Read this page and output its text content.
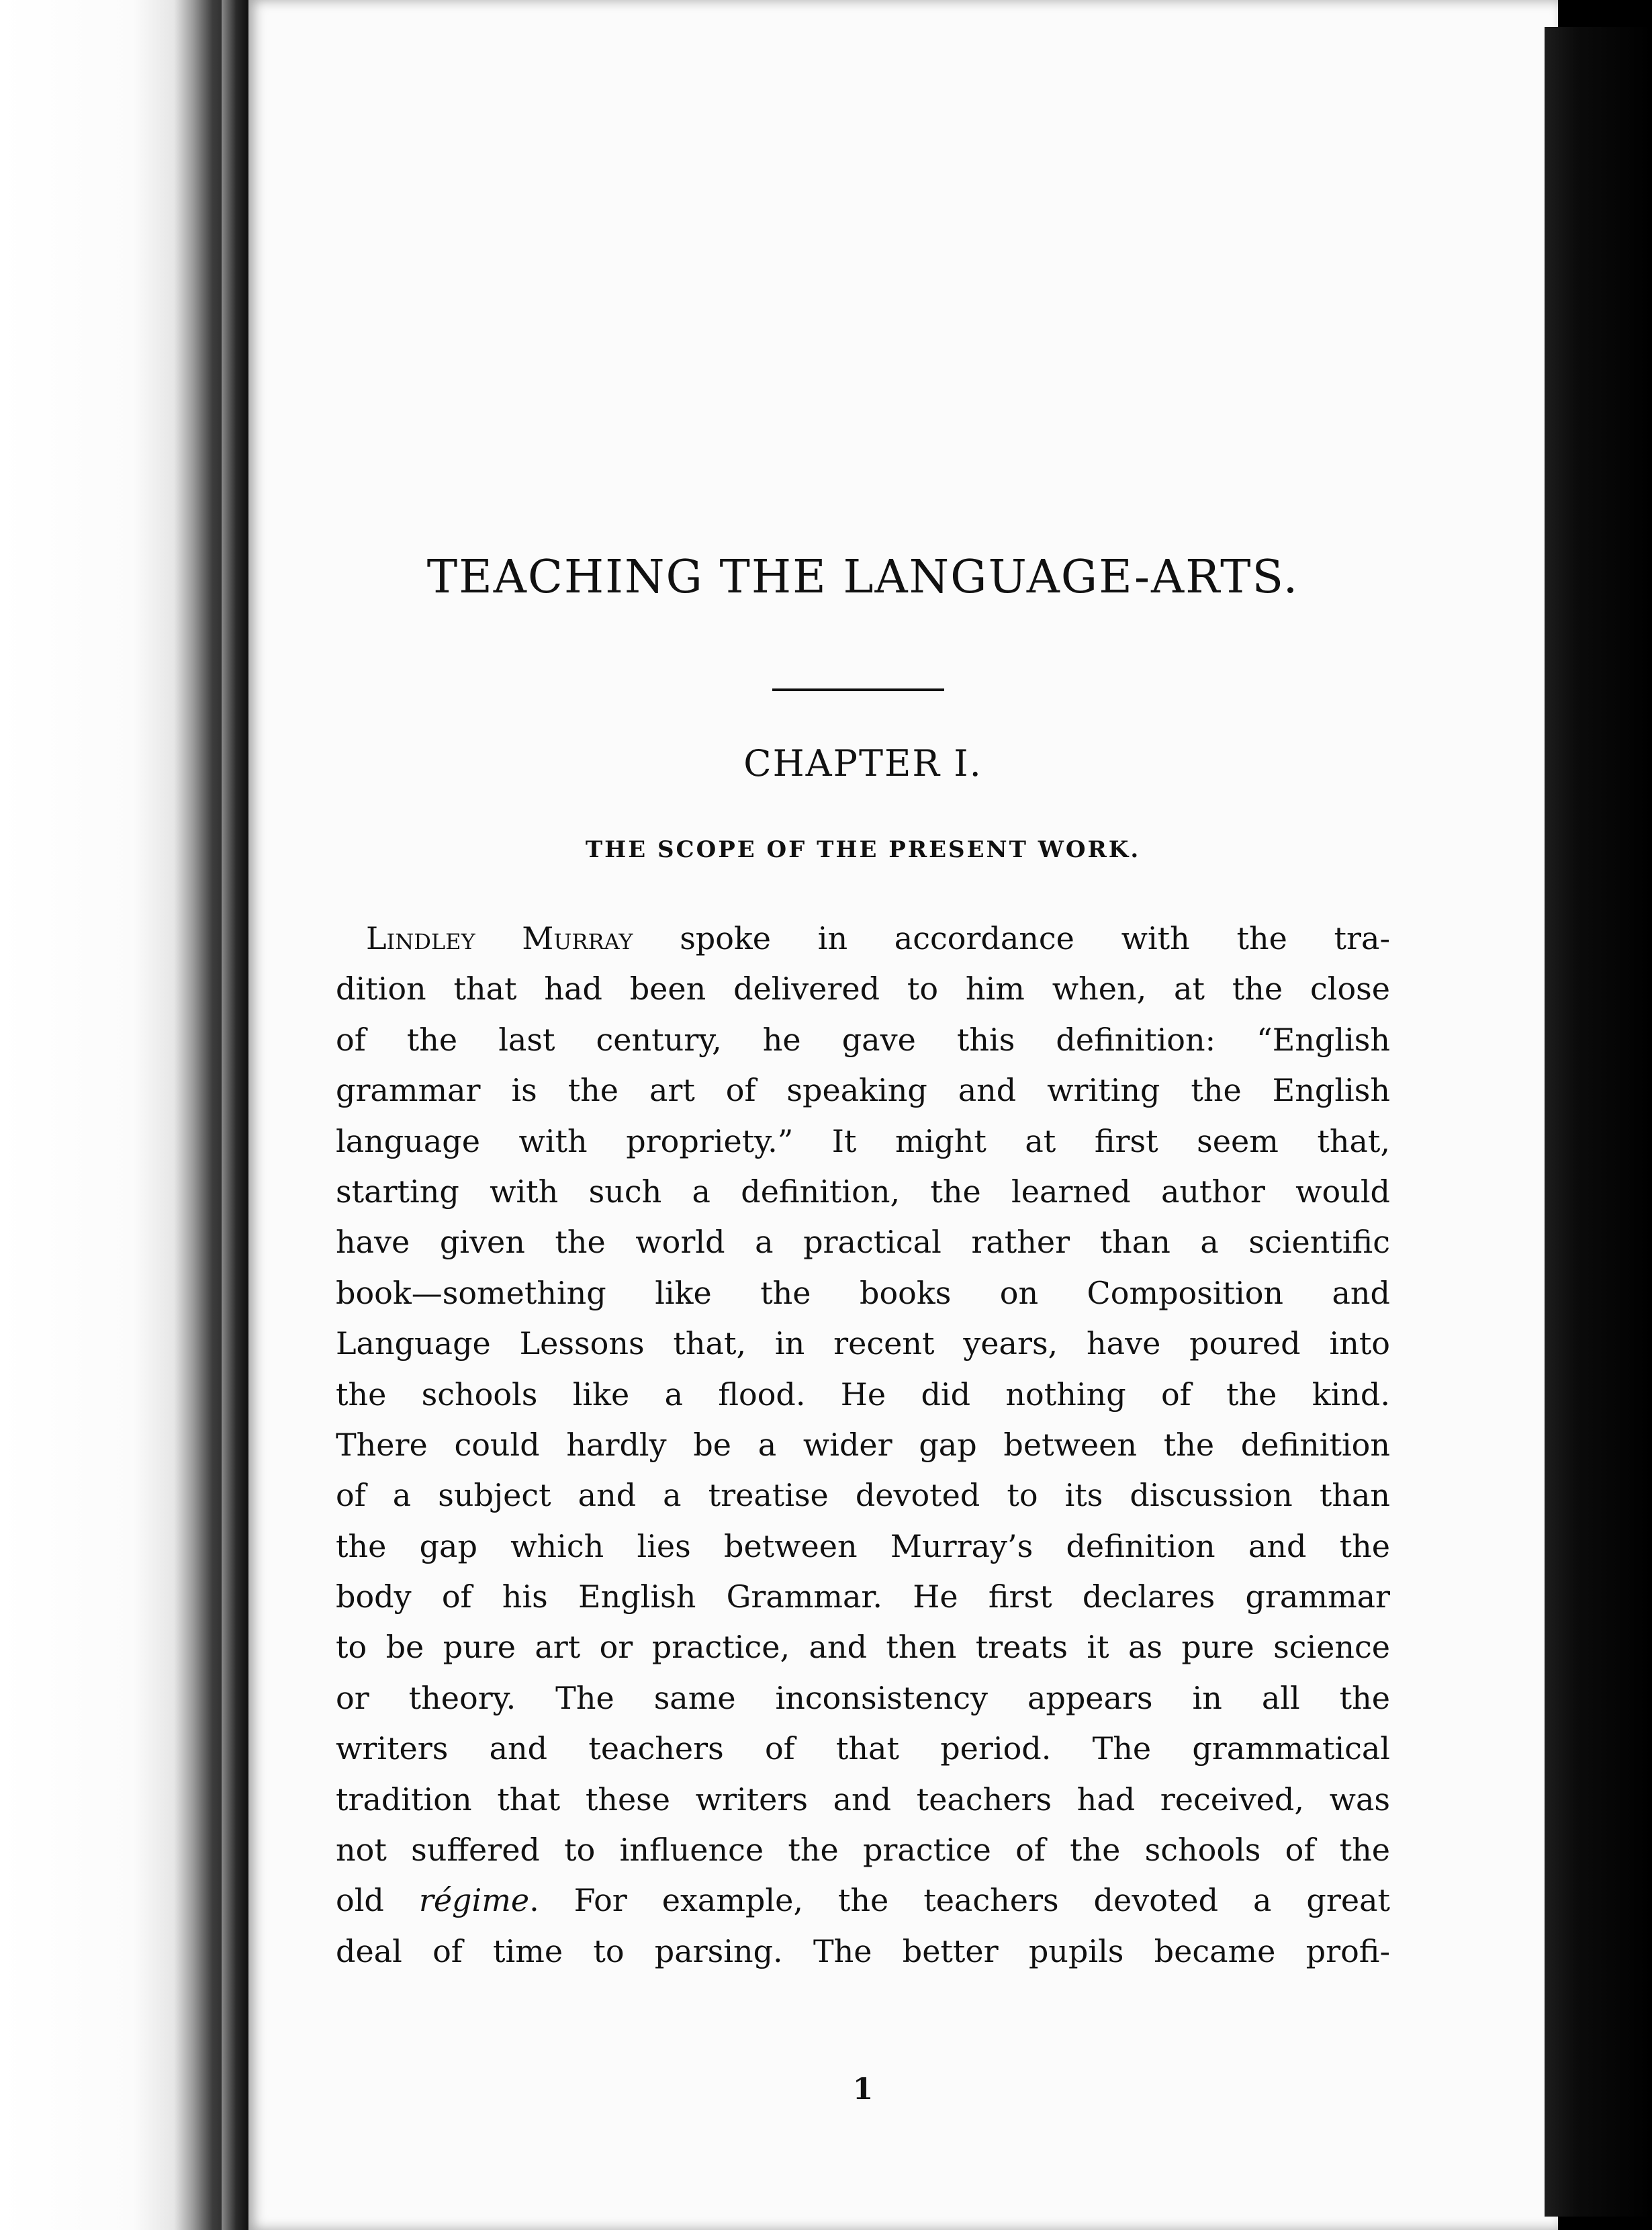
TEACHING THE LANGUAGE-ARTS.
CHAPTER I.
THE SCOPE OF THE PRESENT WORK.
Lindley Murray spoke in accordance with the tra-
dition that had been delivered to him when, at the close
of the last century, he gave this definition: “English
grammar is the art of speaking and writing the English
language with propriety.” It might at first seem that,
starting with such a definition, the learned author would
have given the world a practical rather than a scientific
book—something like the books on Composition and
Language Lessons that, in recent years, have poured into
the schools like a flood. He did nothing of the kind.
There could hardly be a wider gap between the definition
of a subject and a treatise devoted to its discussion than
the gap which lies between Murray’s definition and the
body of his English Grammar. He first declares grammar
to be pure art or practice, and then treats it as pure science
or theory. The same inconsistency appears in all the
writers and teachers of that period. The grammatical
tradition that these writers and teachers had received, was
not suffered to influence the practice of the schools of the
old régime. For example, the teachers devoted a great
deal of time to parsing. The better pupils became profi-
1
